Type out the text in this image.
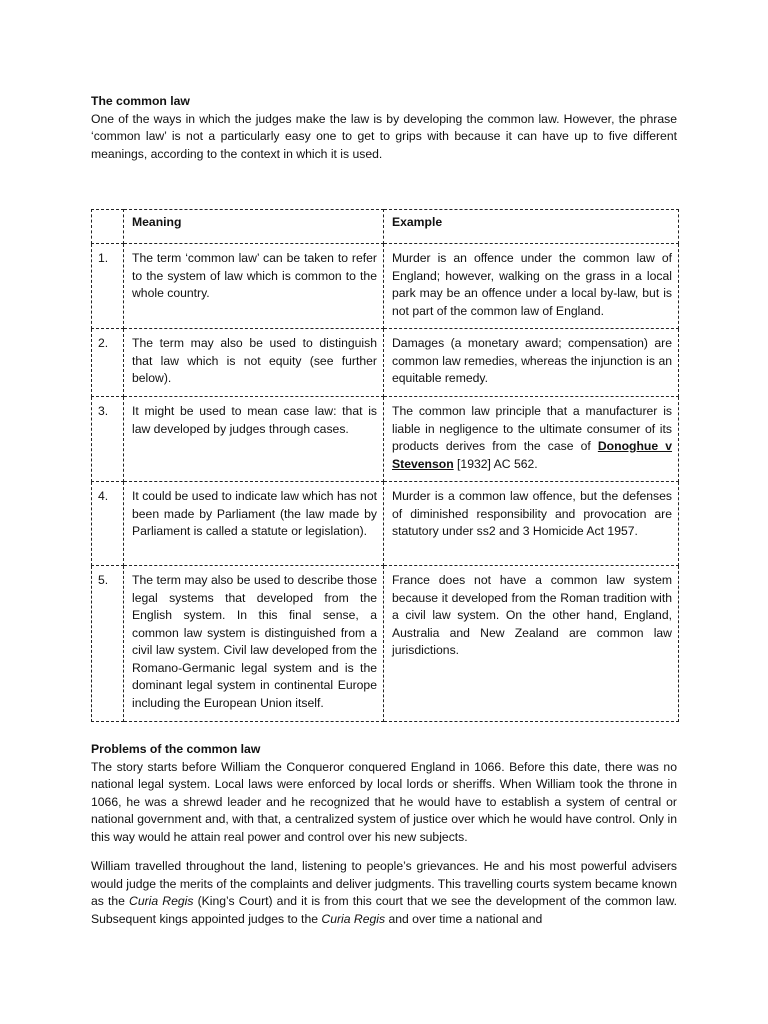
The common law
One of the ways in which the judges make the law is by developing the common law. However, the phrase ‘common law’ is not a particularly easy one to get to grips with because it can have up to five different meanings, according to the context in which it is used.
	Meaning	Example
1.	The term ‘common law’ can be taken to refer to the system of law which is common to the whole country.	Murder is an offence under the common law of England; however, walking on the grass in a local park may be an offence under a local by-law, but is not part of the common law of England.
2.	The term may also be used to distinguish that law which is not equity (see further below).	Damages (a monetary award; compensation) are common law remedies, whereas the injunction is an equitable remedy.
3.	It might be used to mean case law: that is law developed by judges through cases.	The common law principle that a manufacturer is liable in negligence to the ultimate consumer of its products derives from the case of Donoghue v Stevenson [1932] AC 562.
4.	It could be used to indicate law which has not been made by Parliament (the law made by Parliament is called a statute or legislation).	Murder is a common law offence, but the defenses of diminished responsibility and provocation are statutory under ss2 and 3 Homicide Act 1957.
5.	The term may also be used to describe those legal systems that developed from the English system. In this final sense, a common law system is distinguished from a civil law system. Civil law developed from the Romano-Germanic legal system and is the dominant legal system in continental Europe including the European Union itself.	France does not have a common law system because it developed from the Roman tradition with a civil law system. On the other hand, England, Australia and New Zealand are common law jurisdictions.
Problems of the common law
The story starts before William the Conqueror conquered England in 1066. Before this date, there was no national legal system. Local laws were enforced by local lords or sheriffs. When William took the throne in 1066, he was a shrewd leader and he recognized that he would have to establish a system of central or national government and, with that, a centralized system of justice over which he would have control. Only in this way would he attain real power and control over his new subjects.
William travelled throughout the land, listening to people’s grievances. He and his most powerful advisers would judge the merits of the complaints and deliver judgments. This travelling courts system became known as the Curia Regis (King’s Court) and it is from this court that we see the development of the common law. Subsequent kings appointed judges to the Curia Regis and over time a national and
